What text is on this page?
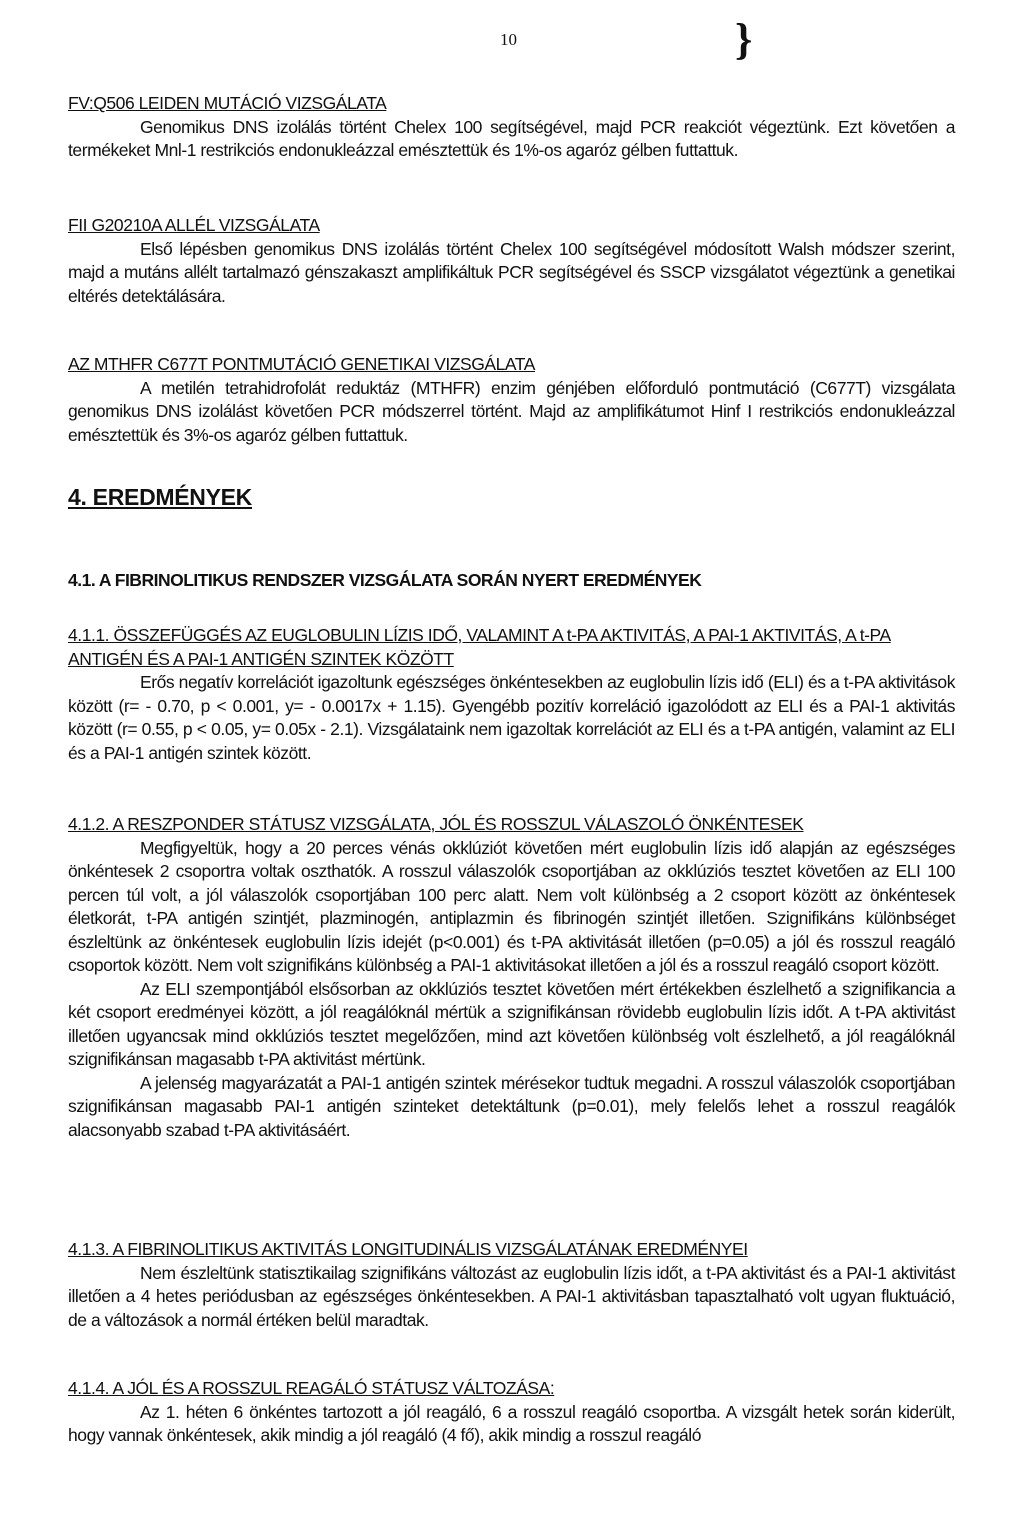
10	}

FV:Q506 LEIDEN MUTÁCIÓ VIZSGÁLATA

Genomikus DNS izolálás történt Chelex 100 segítségével, majd PCR reakciót végeztünk. Ezt követően a termékeket Mnl-1 restrikciós endonukleázzal emésztettük és 1%-os agaróz gélben futtattuk.

FII G20210A ALLÉL VIZSGÁLATA

Első lépésben genomikus DNS izolálás történt Chelex 100 segítségével módosított Walsh módszer szerint, majd a mutáns allélt tartalmazó génszakaszt amplifikáltuk PCR segítségével és SSCP vizsgálatot végeztünk a genetikai eltérés detektálására.

AZ MTHFR C677T PONTMUTÁCIÓ GENETIKAI VIZSGÁLATA

A metilén tetrahidrofolát reduktáz (MTHFR) enzim génjében előforduló pontmutáció (C677T) vizsgálata genomikus DNS izolálást követően PCR módszerrel történt. Majd az amplifikátumot Hinf I restrikciós endonukleázzal emésztettük és 3%-os agaróz gélben futtattuk.

4. EREDMÉNYEK
4.1. A FIBRINOLITIKUS RENDSZER VIZSGÁLATA SORÁN NYERT EREDMÉNYEK

4.1.1. ÖSSZEFÜGGÉS AZ EUGLOBULIN LÍZIS IDŐ, VALAMINT A t-PA AKTIVITÁS, A PAI-1 AKTIVITÁS, A t-PA ANTIGÉN ÉS A PAI-1 ANTIGÉN SZINTEK KÖZÖTT

Erős negatív korrelációt igazoltunk egészséges önkéntesekben az euglobulin lízis idő (ELI) és a t-PA aktivitások között (r= - 0.70, p < 0.001, y= - 0.0017x + 1.15). Gyengébb pozitív korreláció igazolódott az ELI és a PAI-1 aktivitás között (r= 0.55, p < 0.05, y= 0.05x - 2.1). Vizsgálataink nem igazoltak korrelációt az ELI és a t-PA antigén, valamint az ELI és a PAI-1 antigén szintek között.

4.1.2. A RESZPONDER STÁTUSZ VIZSGÁLATA, JÓL ÉS ROSSZUL VÁLASZOLÓ ÖNKÉNTESEK

Megfigyeltük, hogy a 20 perces vénás okklúziót követően mért euglobulin lízis idő alapján az egészséges önkéntesek 2 csoportra voltak oszthatók. A rosszul válaszolók csoportjában az okklúziós tesztet követően az ELI 100 percen túl volt, a jól válaszolók csoportjában 100 perc alatt. Nem volt különbség a 2 csoport között az önkéntesek életkorát, t-PA antigén szintjét, plazminogén, antiplazmin és fibrinogén szintjét illetően. Szignifikáns különbséget észleltünk az önkéntesek euglobulin lízis idejét (p<0.001) és t-PA aktivitását illetően (p=0.05) a jól és rosszul reagáló csoportok között. Nem volt szignifikáns különbség a PAI-1 aktivitásokat illetően a jól és a rosszul reagáló csoport között.

Az ELI szempontjából elsősorban az okklúziós tesztet követően mért értékekben észlelhető a szignifikancia a két csoport eredményei között, a jól reagálóknál mértük a szignifikánsan rövidebb euglobulin lízis időt. A t-PA aktivitást illetően ugyancsak mind okklúziós tesztet megelőzően, mind azt követően különbség volt észlelhető, a jól reagálóknál szignifikánsan magasabb t-PA aktivitást mértünk.

A jelenség magyarázatát a PAI-1 antigén szintek mérésekor tudtuk megadni. A rosszul válaszolók csoportjában szignifikánsan magasabb PAI-1 antigén szinteket detektáltunk (p=0.01), mely felelős lehet a rosszul reagálók alacsonyabb szabad t-PA aktivitásáért.

4.1.3. A FIBRINOLITIKUS AKTIVITÁS LONGITUDINÁLIS VIZSGÁLATÁNAK EREDMÉNYEI

Nem észleltünk statisztikailag szignifikáns változást az euglobulin lízis időt, a t-PA aktivitást és a PAI-1 aktivitást illetően a 4 hetes periódusban az egészséges önkéntesekben. A PAI-1 aktivitásban tapasztalható volt ugyan fluktuáció, de a változások a normál értéken belül maradtak.

4.1.4. A JÓL ÉS A ROSSZUL REAGÁLÓ STÁTUSZ VÁLTOZÁSA:

Az 1. héten 6 önkéntes tartozott a jól reagáló, 6 a rosszul reagáló csoportba. A vizsgált hetek során kiderült, hogy vannak önkéntesek, akik mindig a jól reagáló (4 fő), akik mindig a rosszul reagáló
